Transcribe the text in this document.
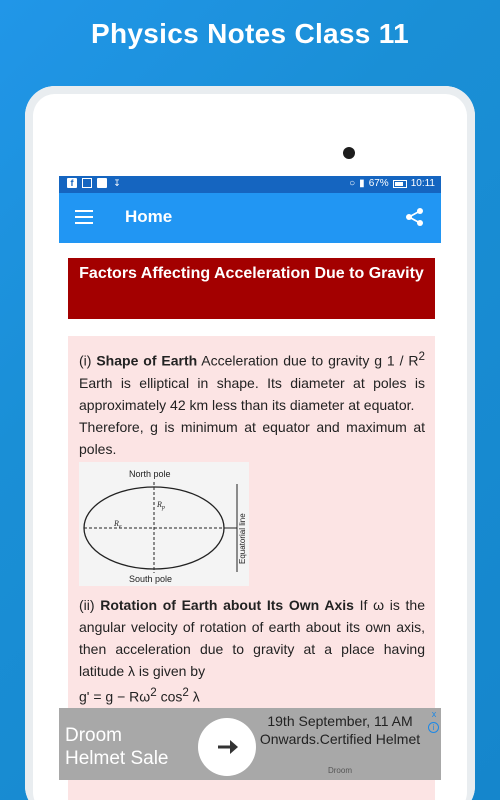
Physics Notes Class 11
f	↧	○ ▮ 67% 10:11
Home
Factors Affecting Acceleration Due to Gravity

(i) Shape of Earth Acceleration due to gravity g $1 / R^2$ Earth is elliptical in shape. Its diameter at poles is approximately 42 km less than its diameter at equator.

Therefore, g is minimum at equator and maximum at poles.

North pole
South pole
$R_p$
$R_e$	Equatorial line

(ii) Rotation of Earth about Its Own Axis If ω is the angular velocity of rotation of earth about its own axis, then acceleration due to gravity at a place having latitude λ is given by

$g' = g - R\omega^2$ $\cos^2 \lambda$

Droom
Helmet Sale
19th September, 11 AM Onwards.Certified Helmet
Droom
x
i
